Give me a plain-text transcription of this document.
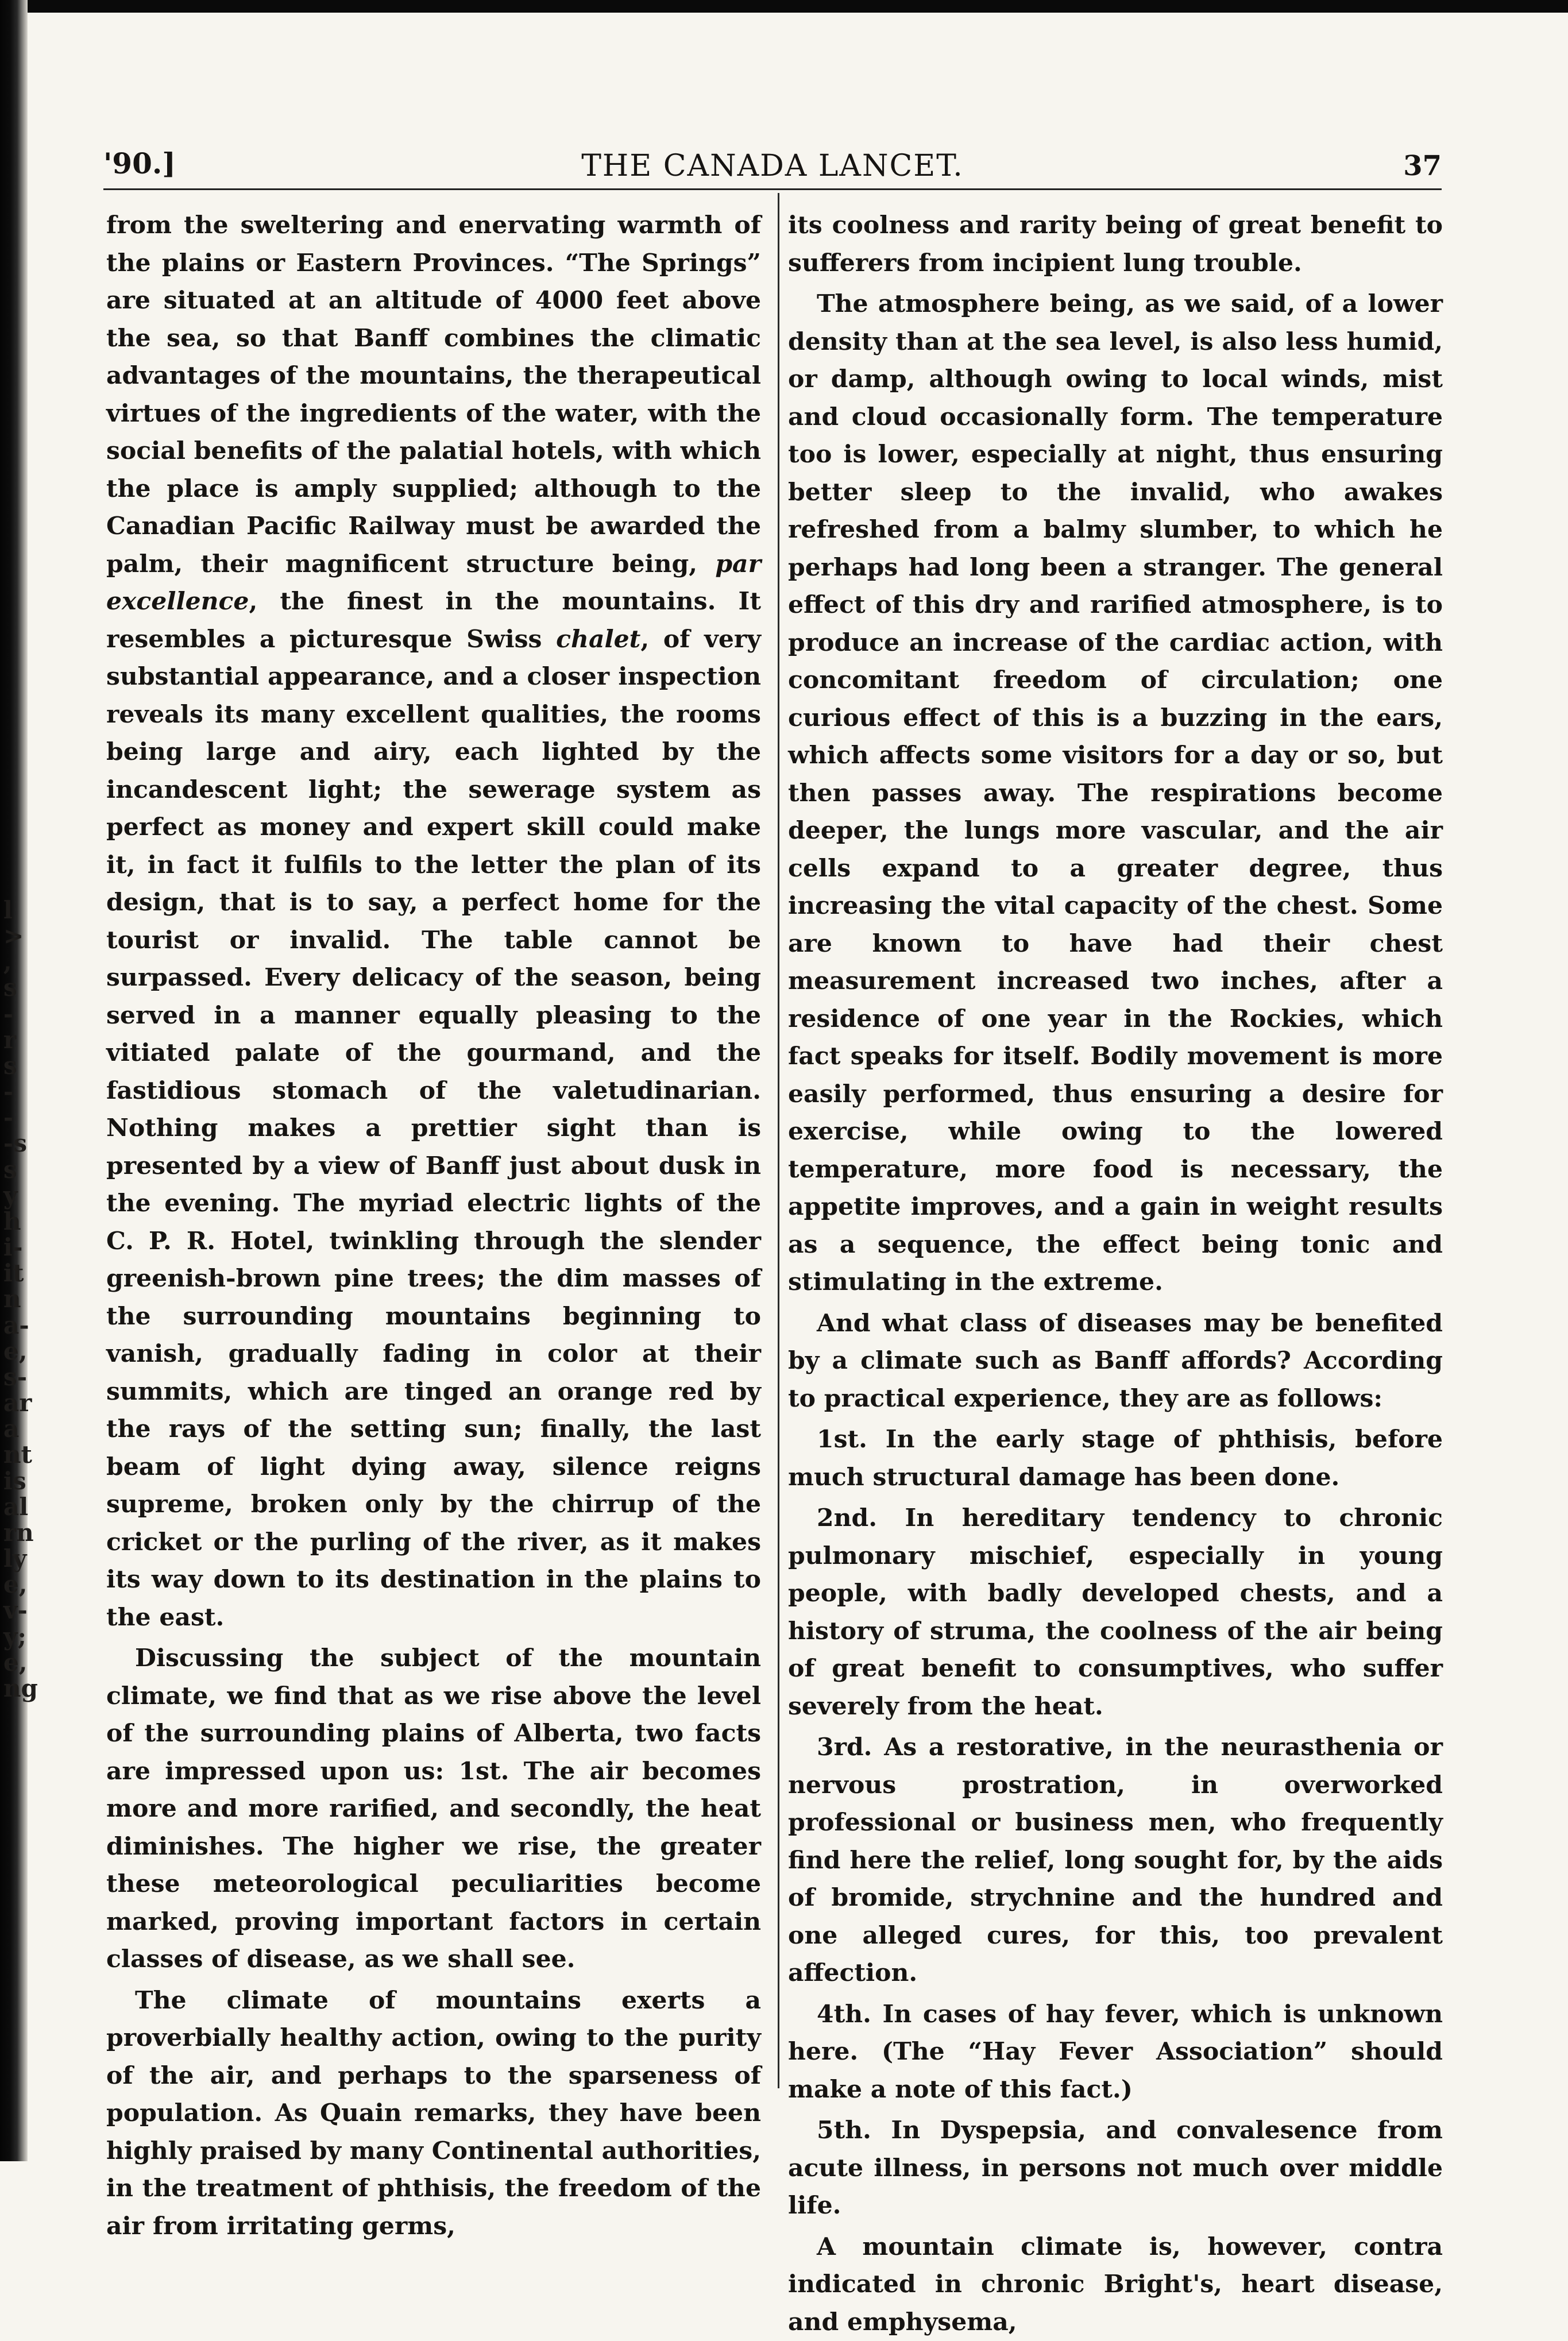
l
>
,
s
-
r
s
-
-
-s
s
y
h
i-
it
n
a-
e,
s-
ar
a
nt
is
al
rn
ly
e,
v-
y;
e,
ng
'90.]	THE CANADA LANCET.	37

from the sweltering and enervating warmth of the plains or Eastern Provinces. “The Springs” are situated at an altitude of 4000 feet above the sea, so that Banff combines the climatic advantages of the mountains, the therapeutical virtues of the ingredients of the water, with the social benefits of the palatial hotels, with which the place is amply supplied; although to the Canadian Pacific Railway must be awarded the palm, their magnificent structure being, par excellence, the finest in the mountains. It resembles a picturesque Swiss chalet, of very substantial appearance, and a closer inspection reveals its many excellent qualities, the rooms being large and airy, each lighted by the incandescent light; the sewerage system as perfect as money and expert skill could make it, in fact it fulfils to the letter the plan of its design, that is to say, a perfect home for the tourist or invalid. The table cannot be surpassed. Every delicacy of the season, being served in a manner equally pleasing to the vitiated palate of the gourmand, and the fastidious stomach of the valetudinarian. Nothing makes a prettier sight than is presented by a view of Banff just about dusk in the evening. The myriad electric lights of the C. P. R. Hotel, twinkling through the slender greenish-brown pine trees; the dim masses of the surrounding mountains beginning to vanish, gradually fading in color at their summits, which are tinged an orange red by the rays of the setting sun; finally, the last beam of light dying away, silence reigns supreme, broken only by the chirrup of the cricket or the purling of the river, as it makes its way down to its destination in the plains to the east.

Discussing the subject of the mountain climate, we find that as we rise above the level of the surrounding plains of Alberta, two facts are impressed upon us: 1st. The air becomes more and more rarified, and secondly, the heat diminishes. The higher we rise, the greater these meteorological peculiarities become marked, proving important factors in certain classes of disease, as we shall see.

The climate of mountains exerts a proverbially healthy action, owing to the purity of the air, and perhaps to the sparseness of population. As Quain remarks, they have been highly praised by many Continental authorities, in the treatment of phthisis, the freedom of the air from irritating germs,

its coolness and rarity being of great benefit to sufferers from incipient lung trouble.

The atmosphere being, as we said, of a lower density than at the sea level, is also less humid, or damp, although owing to local winds, mist and cloud occasionally form. The temperature too is lower, especially at night, thus ensuring better sleep to the invalid, who awakes refreshed from a balmy slumber, to which he perhaps had long been a stranger. The general effect of this dry and rarified atmosphere, is to produce an increase of the cardiac action, with concomitant freedom of circulation; one curious effect of this is a buzzing in the ears, which affects some visitors for a day or so, but then passes away. The respirations become deeper, the lungs more vascular, and the air cells expand to a greater degree, thus increasing the vital capacity of the chest. Some are known to have had their chest measurement increased two inches, after a residence of one year in the Rockies, which fact speaks for itself. Bodily movement is more easily performed, thus ensuring a desire for exercise, while owing to the lowered temperature, more food is necessary, the appetite improves, and a gain in weight results as a sequence, the effect being tonic and stimulating in the extreme.

And what class of diseases may be benefited by a climate such as Banff affords? According to practical experience, they are as follows:

1st. In the early stage of phthisis, before much structural damage has been done.

2nd. In hereditary tendency to chronic pulmonary mischief, especially in young people, with badly developed chests, and a history of struma, the coolness of the air being of great benefit to consumptives, who suffer severely from the heat.

3rd. As a restorative, in the neurasthenia or nervous prostration, in overworked professional or business men, who frequently find here the relief, long sought for, by the aids of bromide, strychnine and the hundred and one alleged cures, for this, too prevalent affection.

4th. In cases of hay fever, which is unknown here. (The “Hay Fever Association” should make a note of this fact.)

5th. In Dyspepsia, and convalesence from acute illness, in persons not much over middle life.

A mountain climate is, however, contra indicated in chronic Bright's, heart disease, and emphysema,
